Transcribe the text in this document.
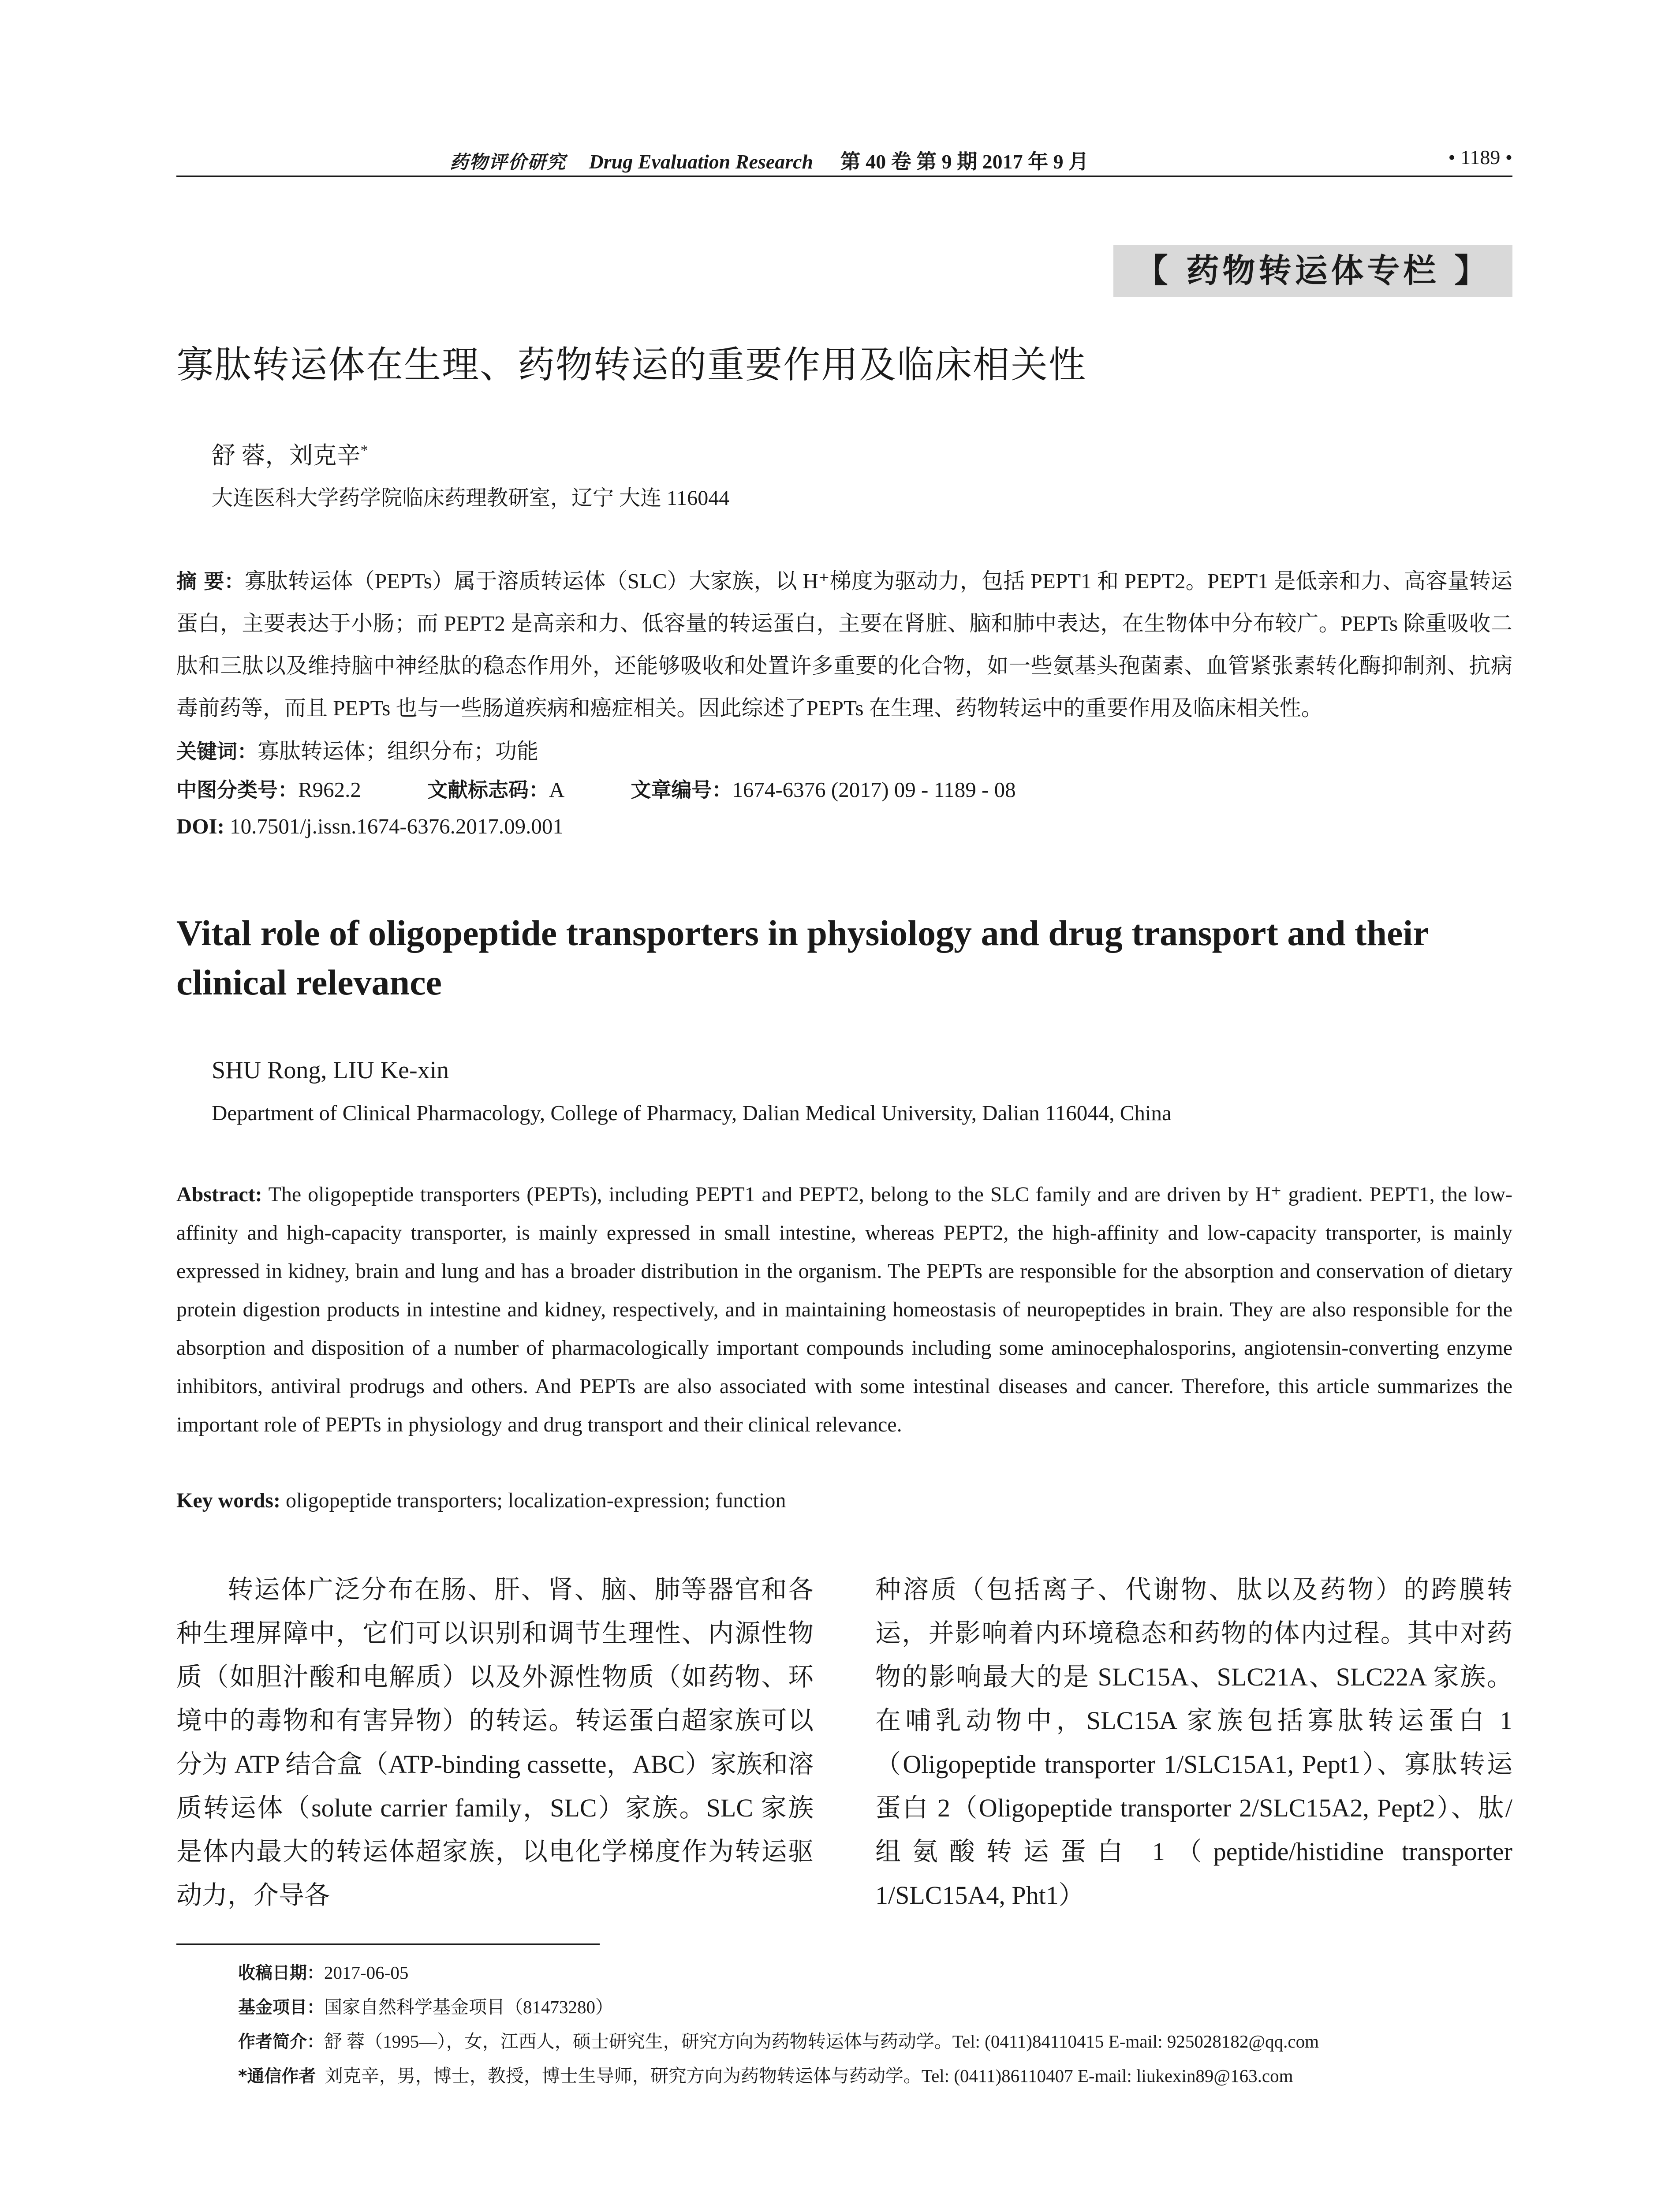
药物评价研究 Drug Evaluation Research 第 40 卷 第 9 期 2017 年 9 月	• 1189 •
【 药物转运体专栏 】
寡肽转运体在生理、药物转运的重要作用及临床相关性
舒 蓉，刘克辛*
大连医科大学药学院临床药理教研室，辽宁 大连 116044
摘 要：寡肽转运体（PEPTs）属于溶质转运体（SLC）大家族，以 H⁺梯度为驱动力，包括 PEPT1 和 PEPT2。PEPT1 是低亲和力、高容量转运蛋白，主要表达于小肠；而 PEPT2 是高亲和力、低容量的转运蛋白，主要在肾脏、脑和肺中表达，在生物体中分布较广。PEPTs 除重吸收二肽和三肽以及维持脑中神经肽的稳态作用外，还能够吸收和处置许多重要的化合物，如一些氨基头孢菌素、血管紧张素转化酶抑制剂、抗病毒前药等，而且 PEPTs 也与一些肠道疾病和癌症相关。因此综述了PEPTs 在生理、药物转运中的重要作用及临床相关性。
关键词：寡肽转运体；组织分布；功能
中图分类号：R962.2	文献标志码：A	文章编号：1674-6376 (2017) 09 - 1189 - 08
DOI: 10.7501/j.issn.1674-6376.2017.09.001
Vital role of oligopeptide transporters in physiology and drug transport and their clinical relevance
SHU Rong, LIU Ke-xin
Department of Clinical Pharmacology, College of Pharmacy, Dalian Medical University, Dalian 116044, China
Abstract: The oligopeptide transporters (PEPTs), including PEPT1 and PEPT2, belong to the SLC family and are driven by H⁺ gradient. PEPT1, the low-affinity and high-capacity transporter, is mainly expressed in small intestine, whereas PEPT2, the high-affinity and low-capacity transporter, is mainly expressed in kidney, brain and lung and has a broader distribution in the organism. The PEPTs are responsible for the absorption and conservation of dietary protein digestion products in intestine and kidney, respectively, and in maintaining homeostasis of neuropeptides in brain. They are also responsible for the absorption and disposition of a number of pharmacologically important compounds including some aminocephalosporins, angiotensin-converting enzyme inhibitors, antiviral prodrugs and others. And PEPTs are also associated with some intestinal diseases and cancer. Therefore, this article summarizes the important role of PEPTs in physiology and drug transport and their clinical relevance.
Key words: oligopeptide transporters; localization-expression; function
转运体广泛分布在肠、肝、肾、脑、肺等器官和各种生理屏障中，它们可以识别和调节生理性、内源性物质（如胆汁酸和电解质）以及外源性物质（如药物、环境中的毒物和有害异物）的转运。转运蛋白超家族可以分为 ATP 结合盒（ATP-binding cassette，ABC）家族和溶质转运体（solute carrier family，SLC）家族。SLC 家族是体内最大的转运体超家族，以电化学梯度作为转运驱动力，介导各
种溶质（包括离子、代谢物、肽以及药物）的跨膜转运，并影响着内环境稳态和药物的体内过程。其中对药物的影响最大的是 SLC15A、SLC21A、SLC22A 家族。在哺乳动物中，SLC15A 家族包括寡肽转运蛋白 1（Oligopeptide transporter 1/SLC15A1, Pept1）、寡肽转运蛋白 2（Oligopeptide transporter 2/SLC15A2, Pept2）、肽/组氨酸转运蛋白 1（peptide/histidine transporter 1/SLC15A4, Pht1）
收稿日期：2017-06-05
基金项目：国家自然科学基金项目（81473280）
作者简介：舒 蓉（1995—），女，江西人，硕士研究生，研究方向为药物转运体与药动学。Tel: (0411)84110415 E-mail: 925028182@qq.com
*通信作者 刘克辛，男，博士，教授，博士生导师，研究方向为药物转运体与药动学。Tel: (0411)86110407 E-mail: liukexin89@163.com
